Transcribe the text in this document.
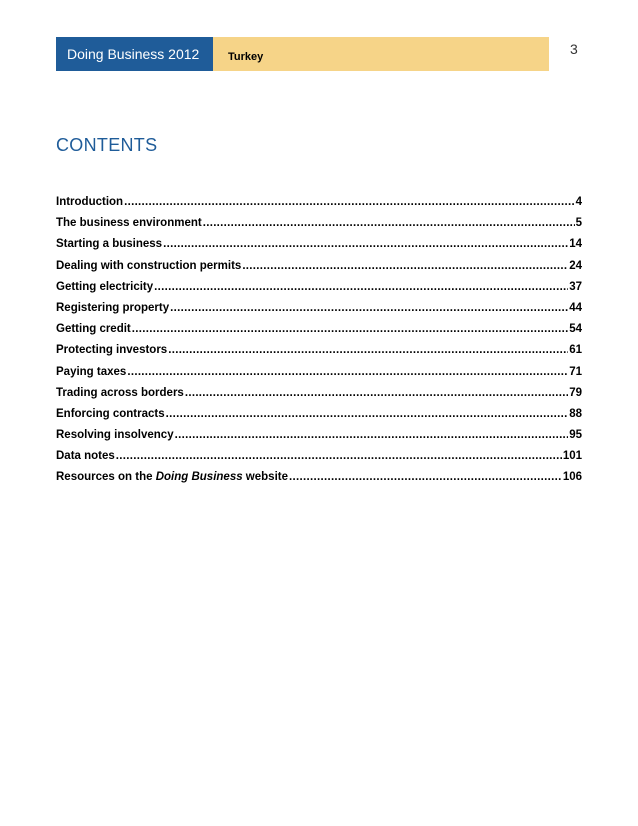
Doing Business 2012	Turkey	3
CONTENTS
Introduction .....	4
The business environment .....	5
Starting a business .....	14
Dealing with construction permits .....	24
Getting electricity .....	37
Registering property .....	44
Getting credit .....	54
Protecting investors .....	61
Paying taxes .....	71
Trading across borders .....	79
Enforcing contracts .....	88
Resolving insolvency .....	95
Data notes .....	101
Resources on the Doing Business website .....	106
